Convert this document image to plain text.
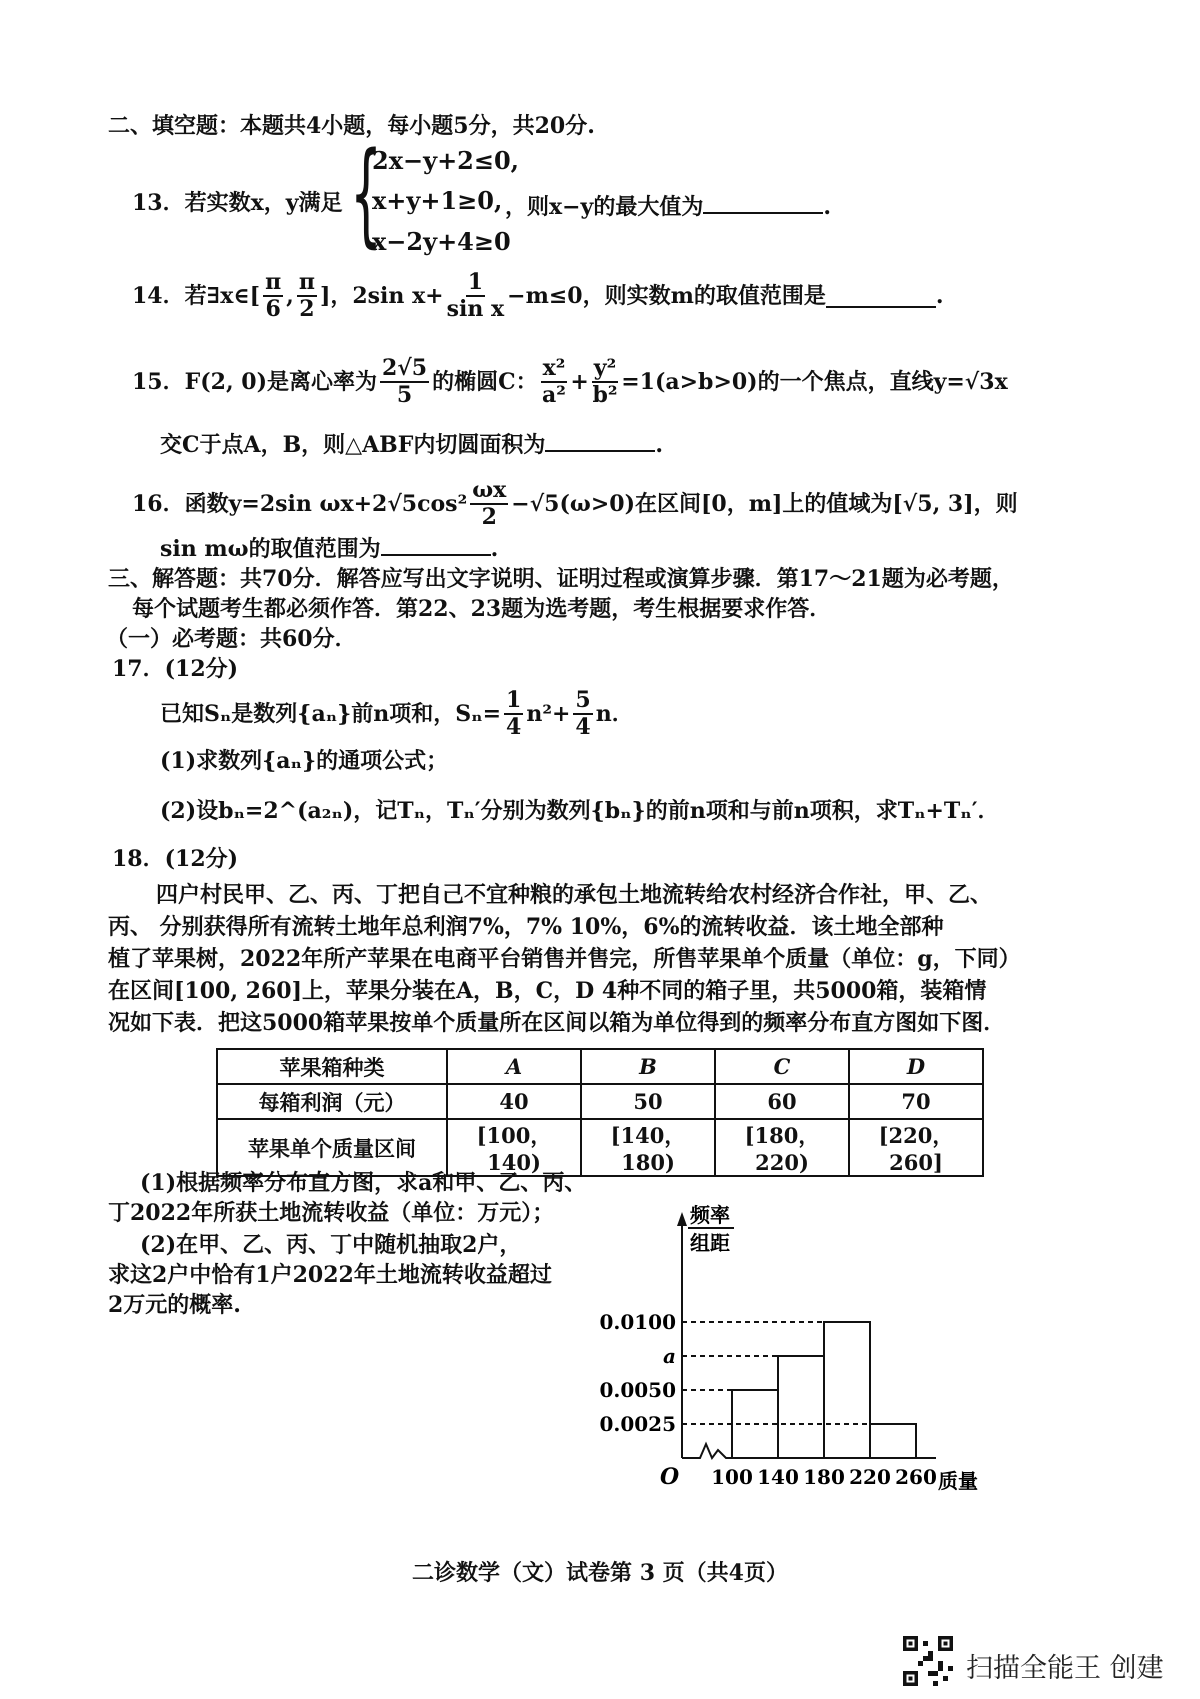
二、填空题：本题共4小题，每小题5分，共20分.
13．若实数x，y满足 {
2x−y+2≤0,
x+y+1≥0,
x−2y+4≥0
，则x−y的最大值为	.
14．若∃x∈[ $\frac{\pi}{6}$ , $\frac{\pi}{2}$ ]，2sin $x+ \frac{1}{\text{sin x}} -m\le 0$，则实数m的取值范围是	.
15．F(2, 0)是离心率为 $\frac{2√5}{5}$ 的椭圆C： $\frac{\text{x²}}{\text{a²}} + \frac{\text{y²}}{\text{b²}} =1(a>b>0)$的一个焦点，直线y=√3x
交C于点A，B，则△ABF内切圆面积为	.
16．函数y=2sin $\omega x+2√5\cos^2 \frac{\omega x}{2} -√5(\omega>0)$在区间[0，m]上的值域为[√5, 3]，则
sin mω的取值范围为	.
三、解答题：共70分．解答应写出文字说明、证明过程或演算步骤．第17～21题为必考题，
每个试题考生都必须作答．第22、23题为选考题，考生根据要求作答．
（一）必考题：共60分．
17．(12分)
已知Sₙ是数列{aₙ}前n项和，$S_n= \frac{1}{4} n^2+ \frac{5}{4}$ n．
(1)求数列{aₙ}的通项公式；
(2)设bₙ=2^(a₂ₙ)，记Tₙ，Tₙ′分别为数列{bₙ}的前n项和与前n项积，求Tₙ+Tₙ′．
18．(12分)
四户村民甲、乙、丙、丁把自己不宜种粮的承包土地流转给农村经济合作社，甲、乙、
丙、 分别获得所有流转土地年总利润7%，7% 10%，6%的流转收益．该土地全部种
植了苹果树，2022年所产苹果在电商平台销售并售完，所售苹果单个质量（单位：g，下同）
在区间[100, 260]上，苹果分装在A，B，C，D 4种不同的箱子里，共5000箱，装箱情
苹果箱种类	A	B	C	D
每箱利润（元）	40	50	60	70
苹果单个质量区间	[100，140)	[140，180)	[180，220)	[220，260]
(1)根据频率分布直方图，求a和甲、乙、丙、
丁2022年所获土地流转收益（单位：万元）；
(2)在甲、乙、丙、丁中随机抽取2户，
求这2户中恰有1户2022年土地流转收益超过
2万元的概率.
0.0100
a
0.0050
0.0025
100 140 180 220 260
O	质量
频率
组距
二诊数学（文）试卷第 3 页（共4页）
扫描全能王 创建
况如下表．把这5000箱苹果按单个质量所在区间以箱为单位得到的频率分布直方图如下图．
